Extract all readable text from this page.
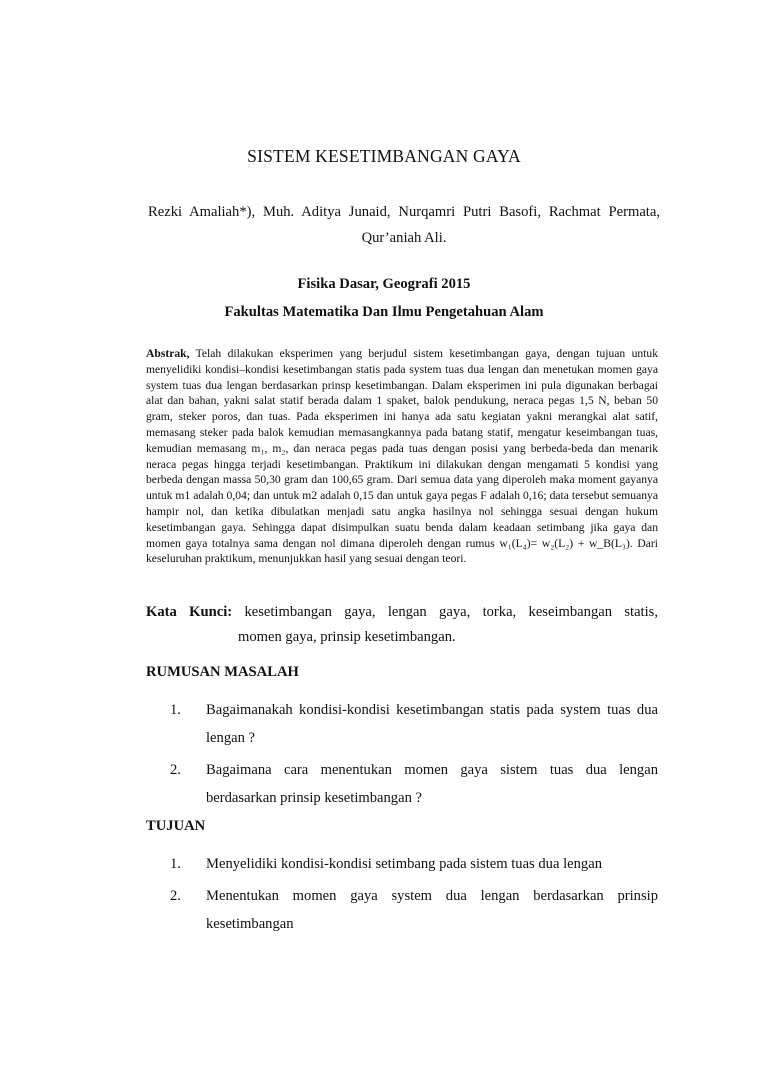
SISTEM KESETIMBANGAN GAYA
Rezki Amaliah*), Muh. Aditya Junaid, Nurqamri Putri Basofi, Rachmat Permata, Qur’aniah Ali.
Fisika Dasar, Geografi 2015
Fakultas Matematika Dan Ilmu Pengetahuan Alam
Abstrak, Telah dilakukan eksperimen yang berjudul sistem kesetimbangan gaya, dengan tujuan untuk menyelidiki kondisi–kondisi kesetimbangan statis pada system tuas dua lengan dan menetukan momen gaya system tuas dua lengan berdasarkan prinsp kesetimbangan. Dalam eksperimen ini pula digunakan berbagai alat dan bahan, yakni salat statif berada dalam 1 spaket, balok pendukung, neraca pegas 1,5 N, beban 50 gram, steker poros, dan tuas. Pada eksperimen ini hanya ada satu kegiatan yakni merangkai alat satif, memasang steker pada balok kemudian memasangkannya pada batang statif, mengatur keseimbangan tuas, kemudian memasang m₁, m₂, dan neraca pegas pada tuas dengan posisi yang berbeda-beda dan menarik neraca pegas hingga terjadi kesetimbangan. Praktikum ini dilakukan dengan mengamati 5 kondisi yang berbeda dengan massa 50,30 gram dan 100,65 gram. Dari semua data yang diperoleh maka moment gayanya untuk m1 adalah 0,04; dan untuk m2 adalah 0,15 dan untuk gaya pegas F adalah 0,16; data tersebut semuanya hampir nol, dan ketika dibulatkan menjadi satu angka hasilnya nol sehingga sesuai dengan hukum kesetimbangan gaya. Sehingga dapat disimpulkan suatu benda dalam keadaan setimbang jika gaya dan momen gaya totalnya sama dengan nol dimana diperoleh dengan rumus w₁(L₄)= w₂(L₂) + w_B(L₃). Dari keseluruhan praktikum, menunjukkan hasil yang sesuai dengan teori.
Kata Kunci: kesetimbangan gaya, lengan gaya, torka, keseimbangan statis,
momen gaya, prinsip kesetimbangan.
RUMUSAN MASALAH
1. Bagaimanakah kondisi-kondisi kesetimbangan statis pada system tuas dua lengan ?
2. Bagaimana cara menentukan momen gaya sistem tuas dua lengan berdasarkan prinsip kesetimbangan ?
TUJUAN
1. Menyelidiki kondisi-kondisi setimbang pada sistem tuas dua lengan
2. Menentukan momen gaya system dua lengan berdasarkan prinsip kesetimbangan
